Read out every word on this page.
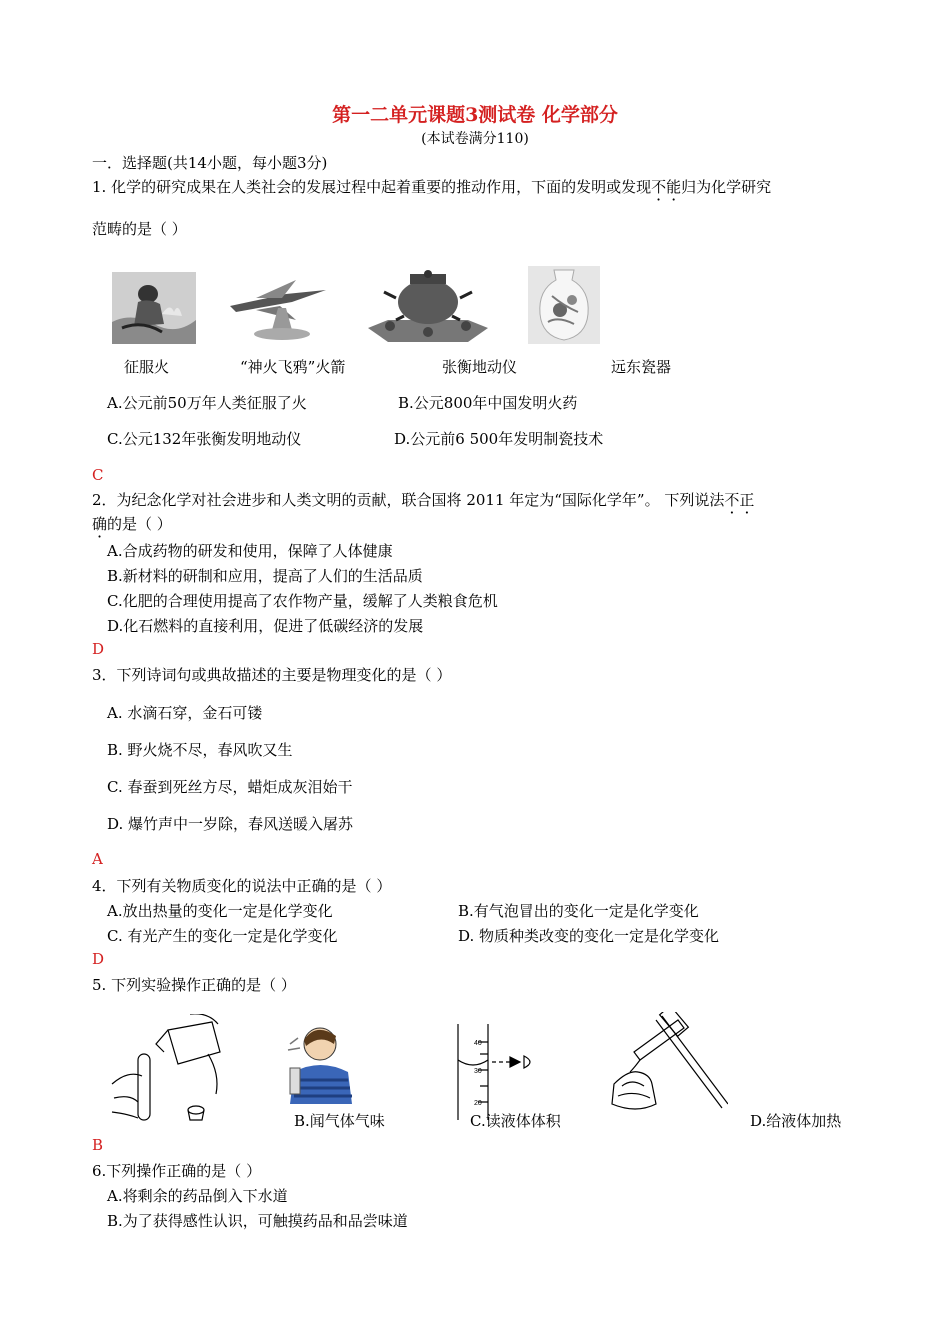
第一二单元课题3测试卷 化学部分
(本试卷满分110)
一．选择题(共14小题，每小题3分)
1. 化学的研究成果在人类社会的发展过程中起着重要的推动作用，下面的发明或发现不能归为化学研究
范畴的是（ ）
征服火	“神火飞鸦”火箭	张衡地动仪	远东瓷器
A.公元前50万年人类征服了火	B.公元800年中国发明火药
C.公元132年张衡发明地动仪	D.公元前6 500年发明制瓷技术
C
2．为纪念化学对社会进步和人类文明的贡献，联合国将 2011 年定为“国际化学年”。 下列说法不正
确的是（ ）
A.合成药物的研发和使用，保障了人体健康
B.新材料的研制和应用，提高了人们的生活品质
C.化肥的合理使用提高了农作物产量，缓解了人类粮食危机
D.化石燃料的直接利用，促进了低碳经济的发展
D
3．下列诗词句或典故描述的主要是物理变化的是（ ）
A. 水滴石穿，金石可镂
B. 野火烧不尽，春风吹又生
C. 春蚕到死丝方尽，蜡炬成灰泪始干
D. 爆竹声中一岁除，春风送暖入屠苏
A
4．下列有关物质变化的说法中正确的是（ ）
A.放出热量的变化一定是化学变化	B.有气泡冒出的变化一定是化学变化
C. 有光产生的变化一定是化学变化	D. 物质种类改变的变化一定是化学变化
D
5. 下列实验操作正确的是（ ）
40
30
20
B.闻气体气味	C.读液体体积	D.给液体加热
B
6.下列操作正确的是（ ）
A.将剩余的药品倒入下水道
B.为了获得感性认识，可触摸药品和品尝味道
